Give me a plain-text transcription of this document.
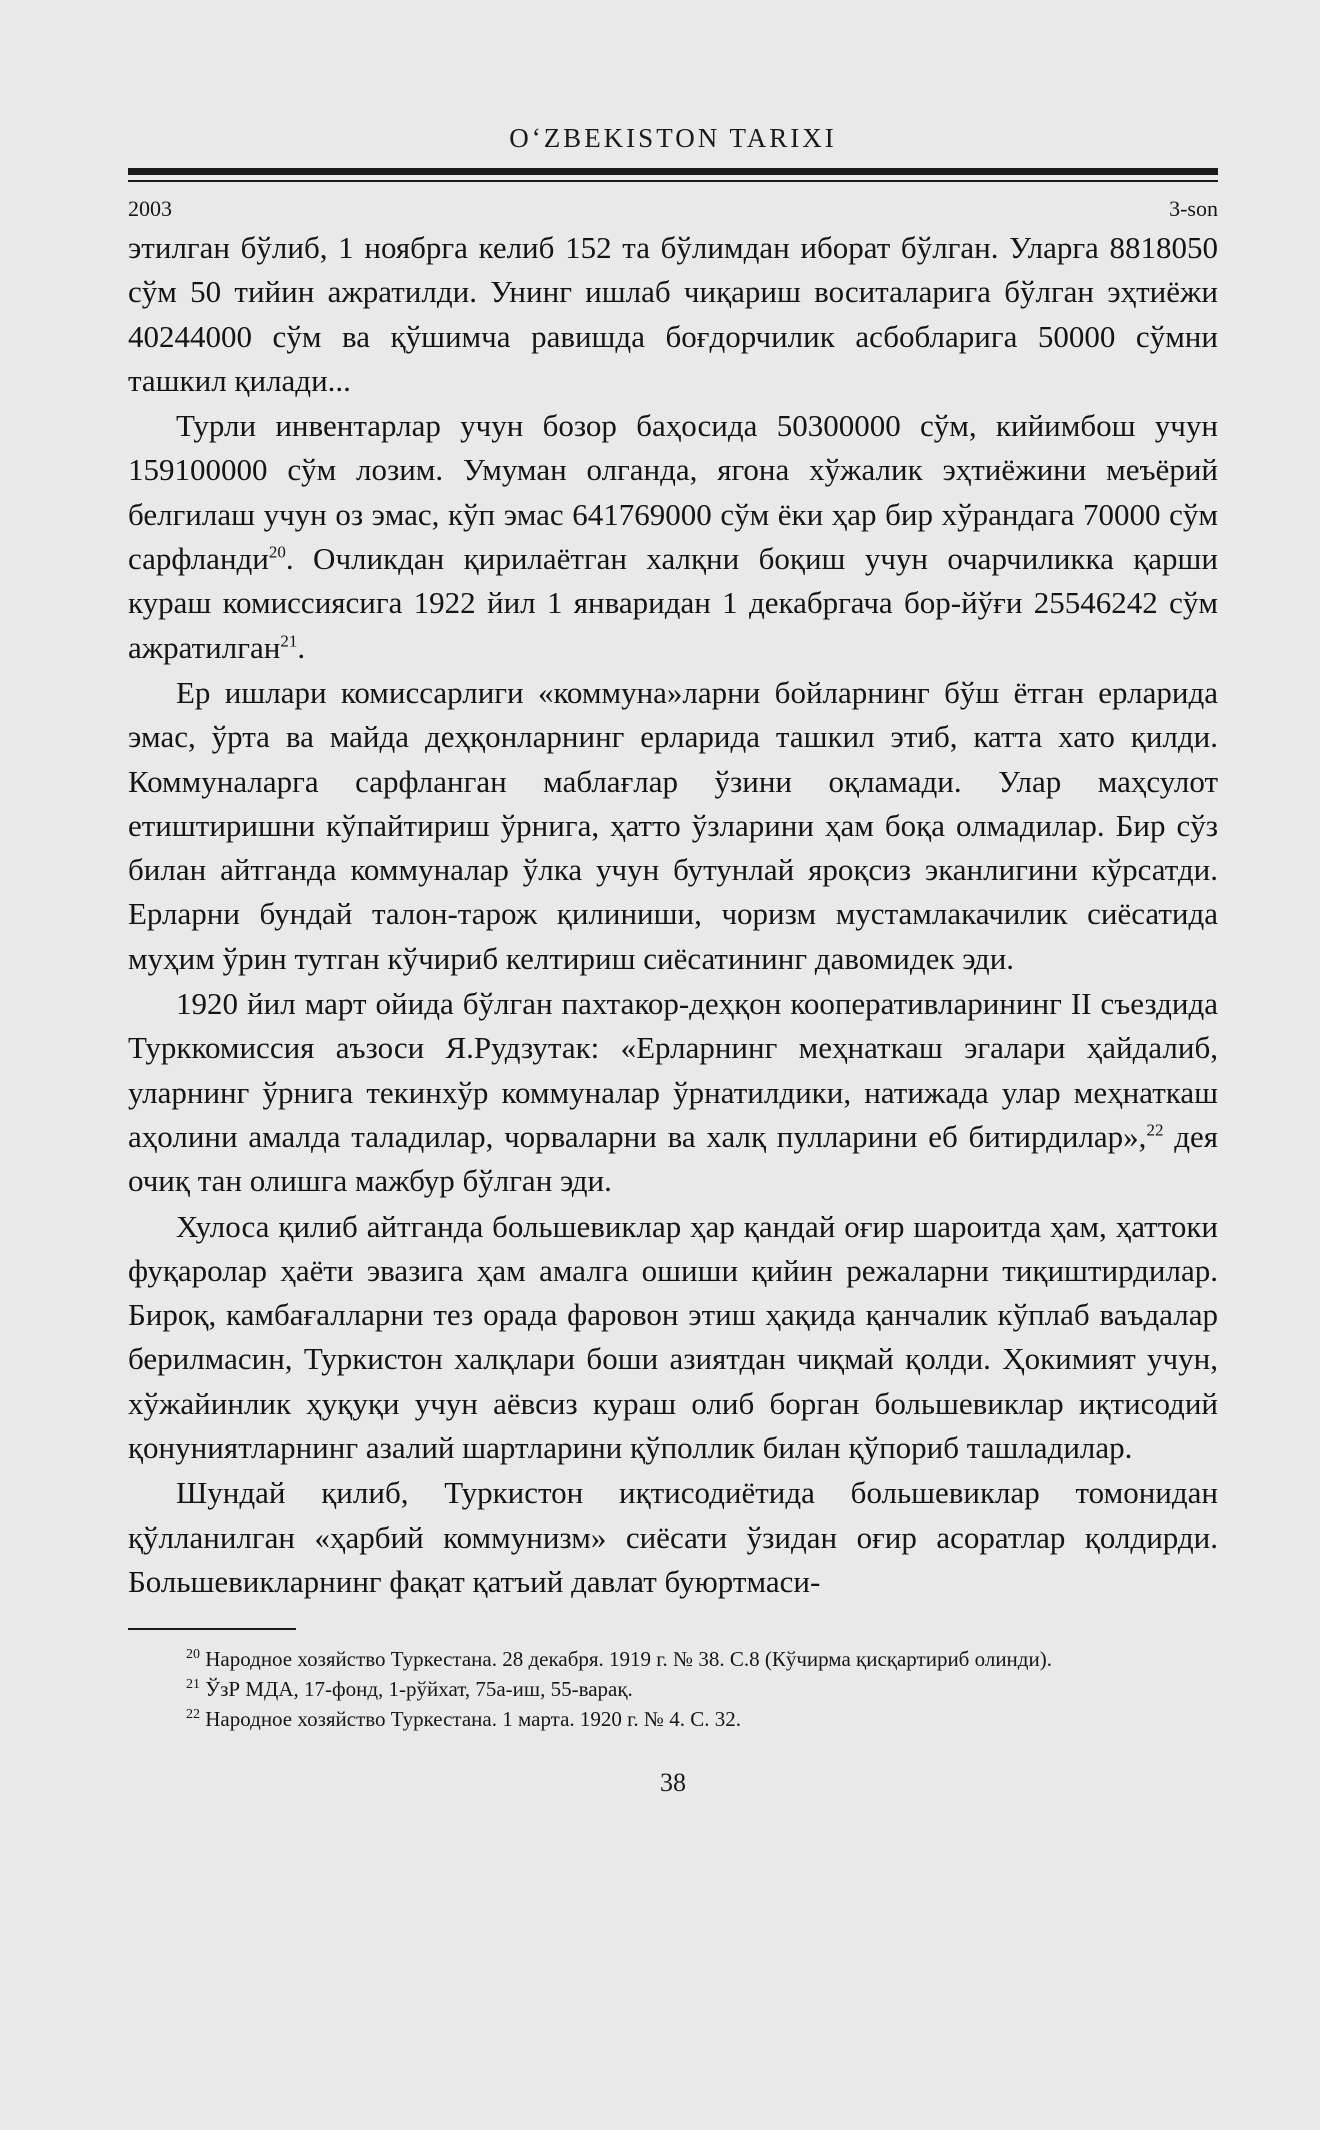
O‘ZBEKISTON TARIXI
2003	3-son

этилган бўлиб, 1 ноябрга келиб 152 та бўлимдан иборат бўлган. Уларга 8818050 сўм 50 тийин ажратилди. Унинг ишлаб чиқариш воситаларига бўлган эҳтиёжи 40244000 сўм ва қўшимча равишда боғдорчилик асбобларига 50000 сўмни ташкил қилади...

Турли инвентарлар учун бозор баҳосида 50300000 сўм, кийимбош учун 159100000 сўм лозим. Умуман олганда, ягона хўжалик эҳтиёжини меъёрий белгилаш учун оз эмас, кўп эмас 641769000 сўм ёки ҳар бир хўрандага 70000 сўм сарфланди$^{20}$. Очликдан қирилаётган халқни боқиш учун очарчиликка қарши кураш комиссиясига 1922 йил 1 январидан 1 декабргача бор-йўғи 25546242 сўм ажратилган$^{21}$.

Ер ишлари комиссарлиги «коммуна»ларни бойларнинг бўш ётган ерларида эмас, ўрта ва майда деҳқонларнинг ерларида ташкил этиб, катта хато қилди. Коммуналарга сарфланган маблағлар ўзини оқламади. Улар маҳсулот етиштиришни кўпайтириш ўрнига, ҳатто ўзларини ҳам боқа олмадилар. Бир сўз билан айтганда коммуналар ўлка учун бутунлай яроқсиз эканлигини кўрсатди. Ерларни бундай талон-тарож қилиниши, чоризм мустамлакачилик сиёсатида муҳим ўрин тутган кўчириб келтириш сиёсатининг давомидек эди.

1920 йил март ойида бўлган пахтакор-деҳқон кооперативларининг II съездида Турккомиссия аъзоси Я.Рудзутак: «Ерларнинг меҳнаткаш эгалари ҳайдалиб, уларнинг ўрнига текинхўр коммуналар ўрнатилдики, натижада улар меҳнаткаш аҳолини амалда таладилар, чорваларни ва халқ пулларини еб битирдилар»,$^{22}$ дея очиқ тан олишга мажбур бўлган эди.

Хулоса қилиб айтганда большевиклар ҳар қандай оғир шароитда ҳам, ҳаттоки фуқаролар ҳаёти эвазига ҳам амалга ошиши қийин режаларни тиқиштирдилар. Бироқ, камбағалларни тез орада фаровон этиш ҳақида қанчалик кўплаб ваъдалар берилмасин, Туркистон халқлари боши азиятдан чиқмай қолди. Ҳокимият учун, хўжайинлик ҳуқуқи учун аёвсиз кураш олиб борган большевиклар иқтисодий қонуниятларнинг азалий шартларини қўполлик билан қўпориб ташладилар.

Шундай қилиб, Туркистон иқтисодиётида большевиклар томонидан қўлланилган «ҳарбий коммунизм» сиёсати ўзидан оғир асоратлар қолдирди. Большевикларнинг фақат қатъий давлат буюртмаси-

$^{20}$ Народное хозяйство Туркестана. 28 декабря. 1919 г. № 38. С.8 (Кўчирма қисқартириб олинди).

$^{21}$ ЎзР МДА, 17-фонд, 1-рўйхат, 75а-иш, 55-варақ.

$^{22}$ Народное хозяйство Туркестана. 1 марта. 1920 г. № 4. С. 32.

38
